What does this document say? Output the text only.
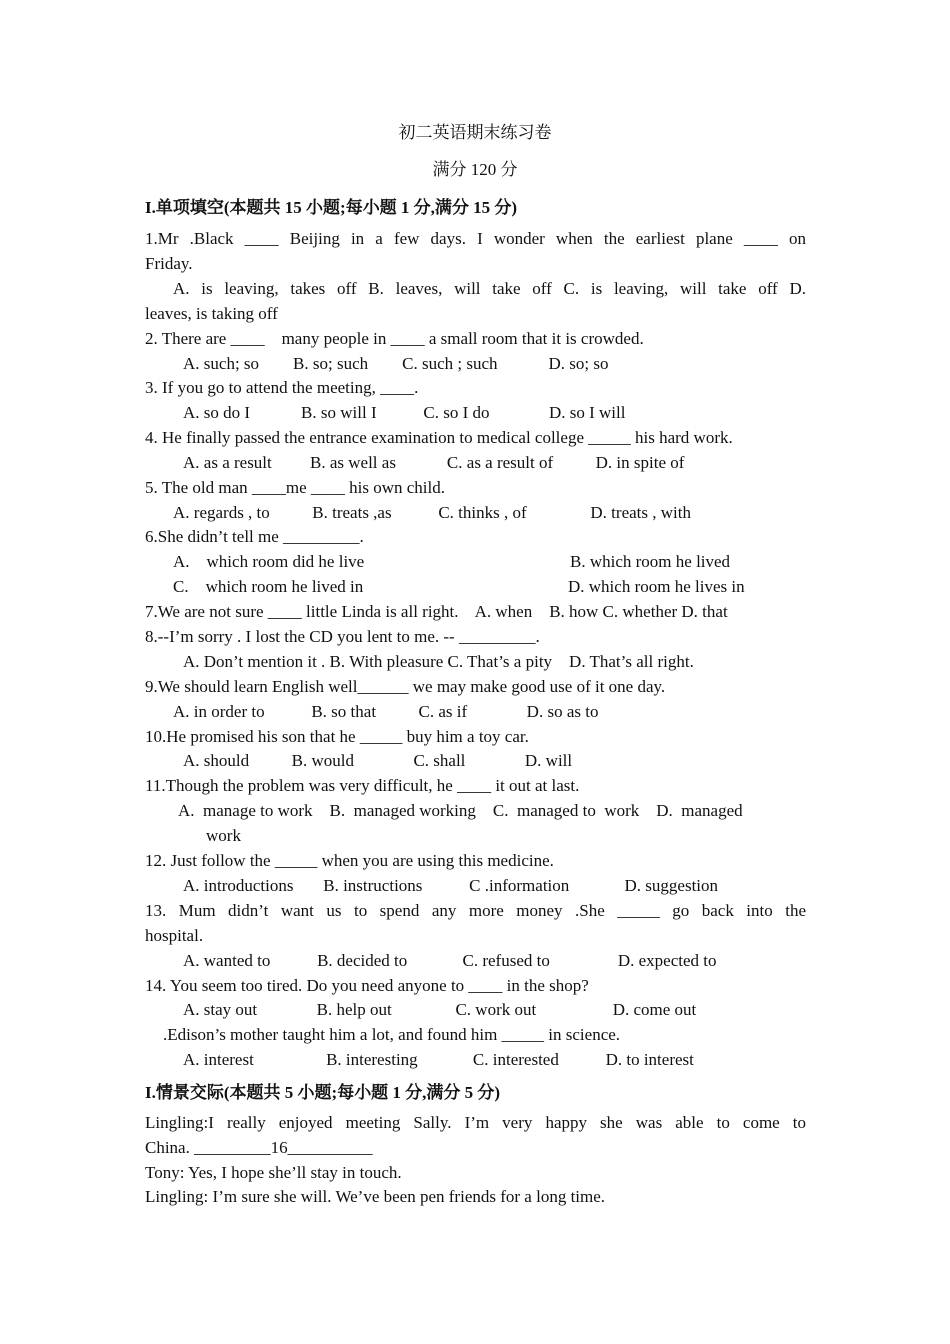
初二英语期末练习卷
满分 120 分
I.单项填空(本题共 15 小题;每小题 1 分,满分 15 分)
1.Mr .Black ____ Beijing in a few days. I wonder when the earliest plane ____ on
Friday.
A. is leaving, takes off B. leaves, will take off C. is leaving, will take off D.
leaves, is taking off
2. There are ____    many people in ____ a small room that it is crowded.
A. such; so        B. so; such        C. such ; such            D. so; so
3. If you go to attend the meeting, ____.
A. so do I            B. so will I           C. so I do              D. so I will
4. He finally passed the entrance examination to medical college _____ his hard work.
A. as a result         B. as well as            C. as a result of          D. in spite of
5. The old man ____me ____ his own child.
A. regards , to          B. treats ,as           C. thinks , of               D. treats , with
6.She didn’t tell me _________.
A.    which room did he live	B. which room he lived
C.    which room he lived in	D. which room he lives in
7.We are not sure ____ little Linda is all right.    A. when    B. how C. whether D. that
8.--I’m sorry . I lost the CD you lent to me. -- _________.
A. Don’t mention it . B. With pleasure C. That’s a pity    D. That’s all right.
9.We should learn English well______ we may make good use of it one day.
A. in order to           B. so that          C. as if              D. so as to
10.He promised his son that he _____ buy him a toy car.
A. should          B. would              C. shall              D. will
11.Though the problem was very difficult, he ____ it out at last.
A.  manage to work    B.  managed working    C.  managed to  work    D.  managed
work
12. Just follow the _____ when you are using this medicine.
A. introductions       B. instructions           C .information             D. suggestion
13. Mum didn’t want us to spend any more money .She _____ go back into the
hospital.
A. wanted to           B. decided to             C. refused to                D. expected to
14. You seem too tired. Do you need anyone to ____ in the shop?
A. stay out              B. help out               C. work out                  D. come out
.Edison’s mother taught him a lot, and found him _____ in science.
A. interest                 B. interesting             C. interested           D. to interest
I.情景交际(本题共 5 小题;每小题 1 分,满分 5 分)
Lingling:I really enjoyed meeting Sally. I’m very happy she was able to come to
China. _________16__________
Tony: Yes, I hope she’ll stay in touch.
Lingling: I’m sure she will. We’ve been pen friends for a long time.
